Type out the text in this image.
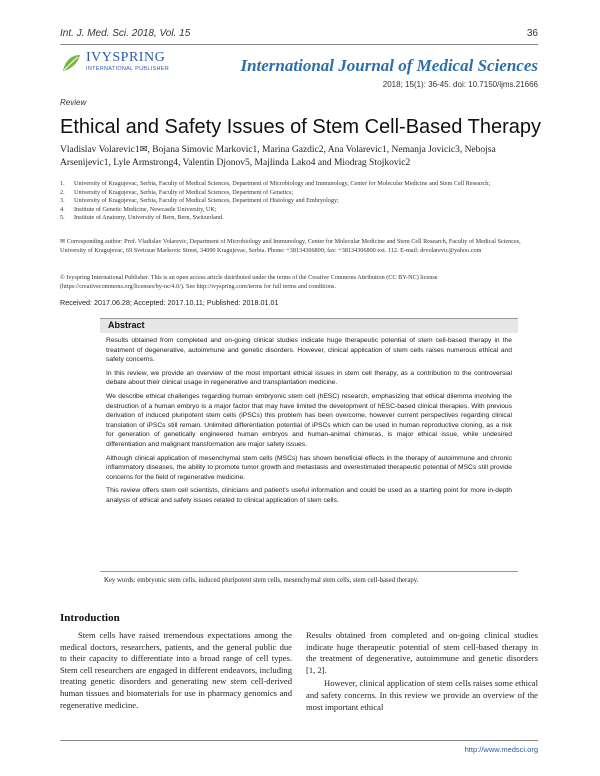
Int. J. Med. Sci. 2018, Vol. 15	36
IVYSPRING
INTERNATIONAL PUBLISHER	International Journal of Medical Sciences
2018; 15(1): 36-45. doi: 10.7150/ijms.21666
Review
Ethical and Safety Issues of Stem Cell-Based Therapy
Vladislav Volarevic1✉, Bojana Simovic Markovic1, Marina Gazdic2, Ana Volarevic1, Nemanja Jovicic3, Nebojsa Arsenijevic1, Lyle Armstrong4, Valentin Djonov5, Majlinda Lako4 and Miodrag Stojkovic2
1.	University of Kragujevac, Serbia, Faculty of Medical Sciences, Department of Microbiology and Immunology, Center for Molecular Medicine and Stem Cell Research;
2.	University of Kragujevac, Serbia, Faculty of Medical Sciences, Department of Genetics;
3.	University of Kragujevac, Serbia, Faculty of Medical Sciences, Department of Histology and Embryology;
4.	Institute of Genetic Medicine, Newcastle University, UK;
5.	Institute of Anatomy, University of Bern, Bern, Switzerland.
✉ Corresponding author: Prof. Vladislav Volarevic, Department of Microbiology and Immunology, Center for Molecular Medicine and Stem Cell Research, Faculty of Medical Sciences, University of Kragujevac, 69 Svetozar Markovic Street, 34000 Kragujevac, Serbia. Phone: +38134306800; fax: +38134306800 ext. 112. E-mail: drvolarevic@yahoo.com
© Ivyspring International Publisher. This is an open access article distributed under the terms of the Creative Commons Attribution (CC BY-NC) license (https://creativecommons.org/licenses/by-nc/4.0/). See http://ivyspring.com/terms for full terms and conditions.
Received: 2017.06.28; Accepted: 2017.10.11; Published: 2018.01.01
Abstract

Results obtained from completed and on-going clinical studies indicate huge therapeutic potential of stem cell-based therapy in the treatment of degenerative, autoimmune and genetic disorders. However, clinical application of stem cells raises numerous ethical and safety concerns.

In this review, we provide an overview of the most important ethical issues in stem cell therapy, as a contribution to the controversial debate about their clinical usage in regenerative and transplantation medicine.

We describe ethical challenges regarding human embryonic stem cell (hESC) research, emphasizing that ethical dilemma involving the destruction of a human embryo is a major factor that may have limited the development of hESC-based clinical therapies. With previous derivation of induced pluripotent stem cells (iPSCs) this problem has been overcome, however current perspectives regarding clinical translation of iPSCs still remain. Unlimited differentiation potential of iPSCs which can be used in human reproductive cloning, as a risk for generation of genetically engineered human embryos and human-animal chimeras, is major ethical issue, while undesired differentiation and malignant transformation are major safety issues.

Although clinical application of mesenchymal stem cells (MSCs) has shown beneficial effects in the therapy of autoimmune and chronic inflammatory diseases, the ability to promote tumor growth and metastasis and overestimated therapeutic potential of MSCs still provide concerns for the field of regenerative medicine.

This review offers stem cell scientists, clinicians and patient's useful information and could be used as a starting point for more in-depth analysis of ethical and safety issues related to clinical application of stem cells.

Key words: embryonic stem cells, induced pluripotent stem cells, mesenchymal stem cells, stem cell-based therapy.
Introduction

Stem cells have raised tremendous expectations among the medical doctors, researchers, patients, and the general public due to their capacity to differentiate into a broad range of cell types. Stem cell researchers are engaged in different endeavors, including treating genetic disorders and generating new stem cell-derived human tissues and biomaterials for use in pharmacy genomics and regenerative medicine.

Results obtained from completed and on-going clinical studies indicate huge therapeutic potential of stem cell-based therapy in the treatment of degenerative, autoimmune and genetic disorders [1, 2].

However, clinical application of stem cells raises some ethical and safety concerns. In this review we provide an overview of the most important ethical

http://www.medsci.org
